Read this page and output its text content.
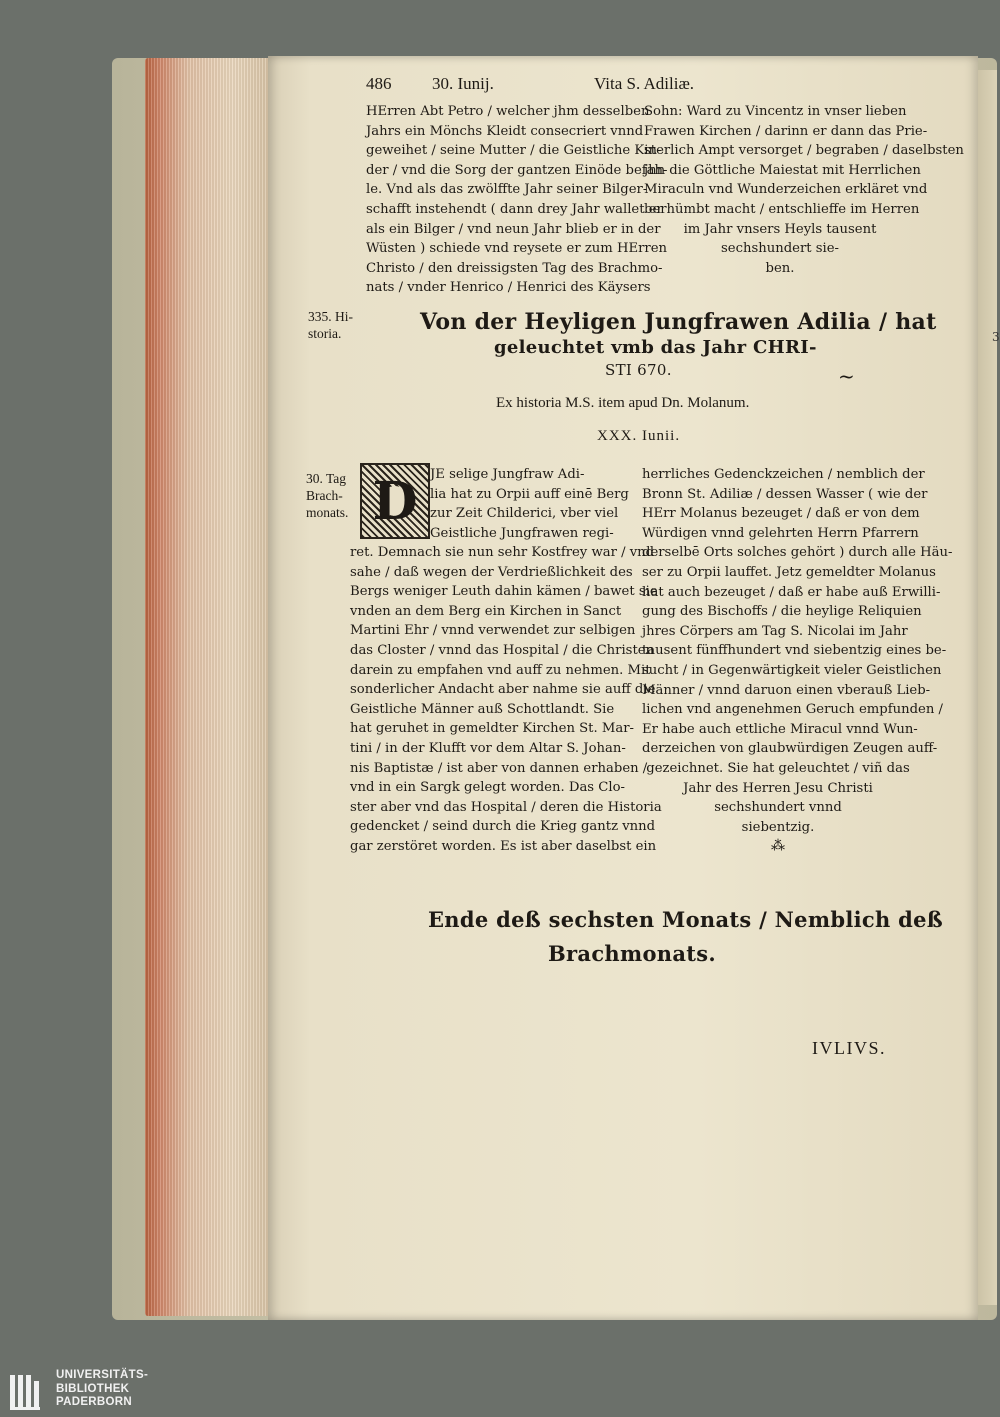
3
486 30. Iunij.	Vita S. Adiliæ.
HErren Abt Petro / welcher jhm desselben
Jahrs ein Mönchs Kleidt consecriert vnnd
geweihet / seine Mutter / die Geistliche Kin-
der / vnd die Sorg der gantzen Einöde befah-
le. Vnd als das zwölffte Jahr seiner Bilger-
schafft instehendt ( dann drey Jahr wallet er
als ein Bilger / vnd neun Jahr blieb er in der
Wüsten ) schiede vnd reysete er zum HErren
Christo / den dreissigsten Tag des Brachmo-
nats / vnder Henrico / Henrici des Käysers
Sohn: Ward zu Vincentz in vnser lieben
Frawen Kirchen / darinn er dann das Prie-
sterlich Ampt versorget / begraben / daselbsten
jhn die Göttliche Maiestat mit Herrlichen
Miraculn vnd Wunderzeichen erkläret vnd
berhümbt macht / entschlieffe im Herren
im Jahr vnsers Heyls tausent
sechshundert sie-
ben.
335. Hi-
storia.	Von der Heyligen Jungfrawen Adilia / hat
geleuchtet vmb das Jahr CHRI-
STI 670.	~
Ex historia M.S. item apud Dn. Molanum.
XXX. Iunii.
30. Tag
Brach-
monats. D JE selige Jungfraw Adi-
lia hat zu Orpii auff einē Berg
zur Zeit Childerici, vber viel
Geistliche Jungfrawen regi-
ret. Demnach sie nun sehr Kostfrey war / vnd
sahe / daß wegen der Verdrießlichkeit des
Bergs weniger Leuth dahin kämen / bawet sie
vnden an dem Berg ein Kirchen in Sanct
Martini Ehr / vnnd verwendet zur selbigen
das Closter / vnnd das Hospital / die Christen
darein zu empfahen vnd auff zu nehmen. Mit
sonderlicher Andacht aber nahme sie auff die
Geistliche Männer auß Schottlandt. Sie
hat geruhet in gemeldter Kirchen St. Mar-
tini / in der Klufft vor dem Altar S. Johan-
nis Baptistæ / ist aber von dannen erhaben /
vnd in ein Sargk gelegt worden. Das Clo-
ster aber vnd das Hospital / deren die Historia
gedencket / seind durch die Krieg gantz vnnd
gar zerstöret worden. Es ist aber daselbst ein
herrliches Gedenckzeichen / nemblich der
Bronn St. Adiliæ / dessen Wasser ( wie der
HErr Molanus bezeuget / daß er von dem
Würdigen vnnd gelehrten Herrn Pfarrern
derselbē Orts solches gehört ) durch alle Häu-
ser zu Orpii lauffet. Jetz gemeldter Molanus
hat auch bezeuget / daß er habe auß Erwilli-
gung des Bischoffs / die heylige Reliquien
jhres Cörpers am Tag S. Nicolai im Jahr
tausent fünffhundert vnd siebentzig eines be-
sucht / in Gegenwärtigkeit vieler Geistlichen
Männer / vnnd daruon einen vberauß Lieb-
lichen vnd angenehmen Geruch empfunden /
Er habe auch ettliche Miracul vnnd Wun-
derzeichen von glaubwürdigen Zeugen auff-
gezeichnet. Sie hat geleuchtet / viñ das
Jahr des Herren Jesu Christi
sechshundert vnnd
siebentzig.
⁂
Ende deß sechsten Monats / Nemblich deß
Brachmonats.
IVLIVS.
UNIVERSITÄTS-
BIBLIOTHEK
PADERBORN
